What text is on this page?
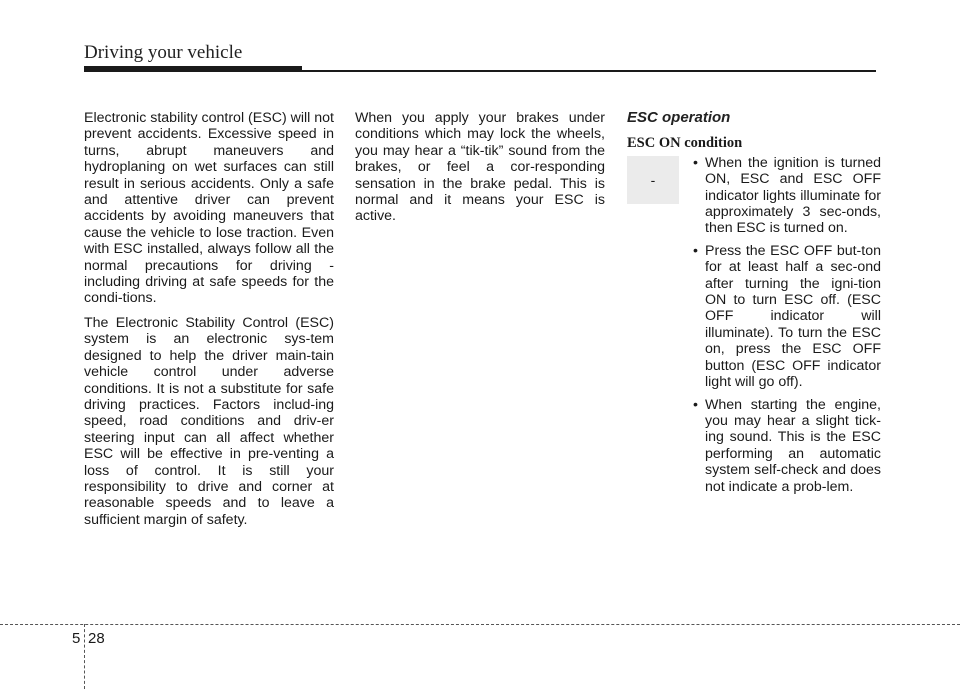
Driving your vehicle

Electronic stability control (ESC) will not prevent accidents. Excessive speed in turns, abrupt maneuvers and hydroplaning on wet surfaces can still result in serious accidents. Only a safe and attentive driver can prevent accidents by avoiding maneuvers that cause the vehicle to lose traction. Even with ESC installed, always follow all the normal precautions for driving - including driving at safe speeds for the condi-tions.

The Electronic Stability Control (ESC) system is an electronic sys-tem designed to help the driver main-tain vehicle control under adverse conditions. It is not a substitute for safe driving practices. Factors includ-ing speed, road conditions and driv-er steering input can all affect whether ESC will be effective in pre-venting a loss of control. It is still your responsibility to drive and corner at reasonable speeds and to leave a sufficient margin of safety.

When you apply your brakes under conditions which may lock the wheels, you may hear a “tik-tik” sound from the brakes, or feel a cor-responding sensation in the brake pedal. This is normal and it means your ESC is active.

ESC operation
ESC ON condition
-
• When the ignition is turned ON, ESC and ESC OFF indicator lights illuminate for approximately 3 sec-onds, then ESC is turned on.
• Press the ESC OFF but-ton for at least half a sec-ond after turning the igni-tion ON to turn ESC off. (ESC OFF indicator will illuminate). To turn the ESC on, press the ESC OFF button (ESC OFF indicator light will go off).
• When starting the engine, you may hear a slight tick-ing sound. This is the ESC performing an automatic system self-check and does not indicate a prob-lem.
5 28
